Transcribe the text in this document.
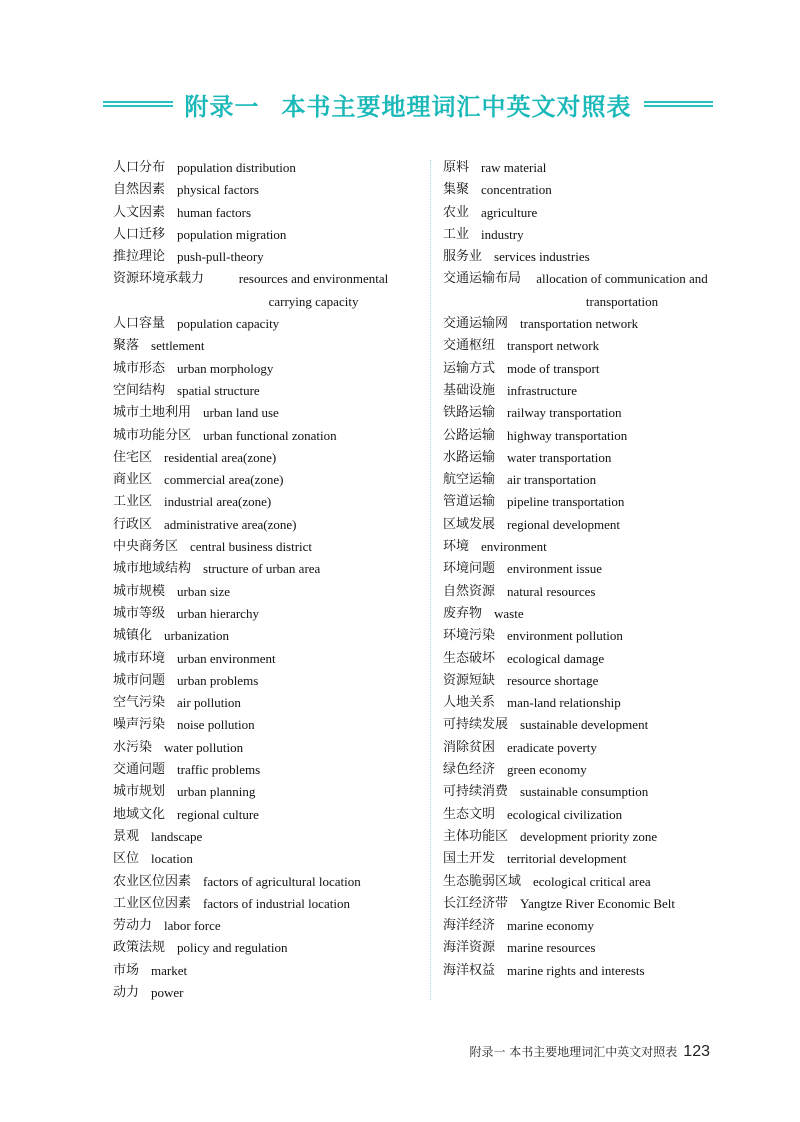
附录一 本书主要地理词汇中英文对照表
人口分布 population distribution
自然因素 physical factors
人文因素 human factors
人口迁移 population migration
推拉理论 push-pull-theory
资源环境承载力	resources and environmental carrying capacity
人口容量 population capacity
聚落 settlement
城市形态 urban morphology
空间结构 spatial structure
城市土地利用 urban land use
城市功能分区 urban functional zonation
住宅区 residential area(zone)
商业区 commercial area(zone)
工业区 industrial area(zone)
行政区 administrative area(zone)
中央商务区 central business district
城市地域结构 structure of urban area
城市规模 urban size
城市等级 urban hierarchy
城镇化 urbanization
城市环境 urban environment
城市问题 urban problems
空气污染 air pollution
噪声污染 noise pollution
水污染 water pollution
交通问题 traffic problems
城市规划 urban planning
地域文化 regional culture
景观 landscape
区位 location
农业区位因素 factors of agricultural location
工业区位因素 factors of industrial location
劳动力 labor force
政策法规 policy and regulation
市场 market
动力 power
原料 raw material
集聚 concentration
农业 agriculture
工业 industry
服务业 services industries
交通运输布局 allocation of communication and transportation
交通运输网 transportation network
交通枢纽 transport network
运输方式 mode of transport
基础设施 infrastructure
铁路运输 railway transportation
公路运输 highway transportation
水路运输 water transportation
航空运输 air transportation
管道运输 pipeline transportation
区域发展 regional development
环境 environment
环境问题 environment issue
自然资源 natural resources
废弃物 waste
环境污染 environment pollution
生态破坏 ecological damage
资源短缺 resource shortage
人地关系 man-land relationship
可持续发展 sustainable development
消除贫困 eradicate poverty
绿色经济 green economy
可持续消费 sustainable consumption
生态文明 ecological civilization
主体功能区 development priority zone
国土开发 territorial development
生态脆弱区域 ecological critical area
长江经济带 Yangtze River Economic Belt
海洋经济 marine economy
海洋资源 marine resources
海洋权益 marine rights and interests
附录一 本书主要地理词汇中英文对照表 123
